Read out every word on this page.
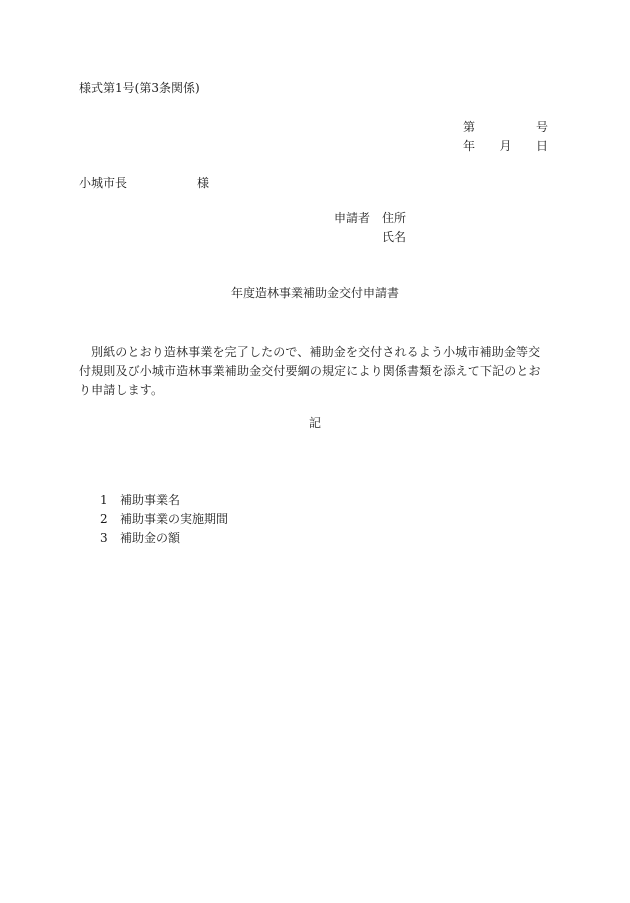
様式第1号(第3条関係)
第	号
年 月 日
小城市長	様
申請者 住所
氏名
年度造林事業補助金交付申請書
別紙のとおり造林事業を完了したので、補助金を交付されるよう小城市補助金等交付規則及び小城市造林事業補助金交付要綱の規定により関係書類を添えて下記のとおり申請します。
記
1	補助事業名
2	補助事業の実施期間
3	補助金の額
